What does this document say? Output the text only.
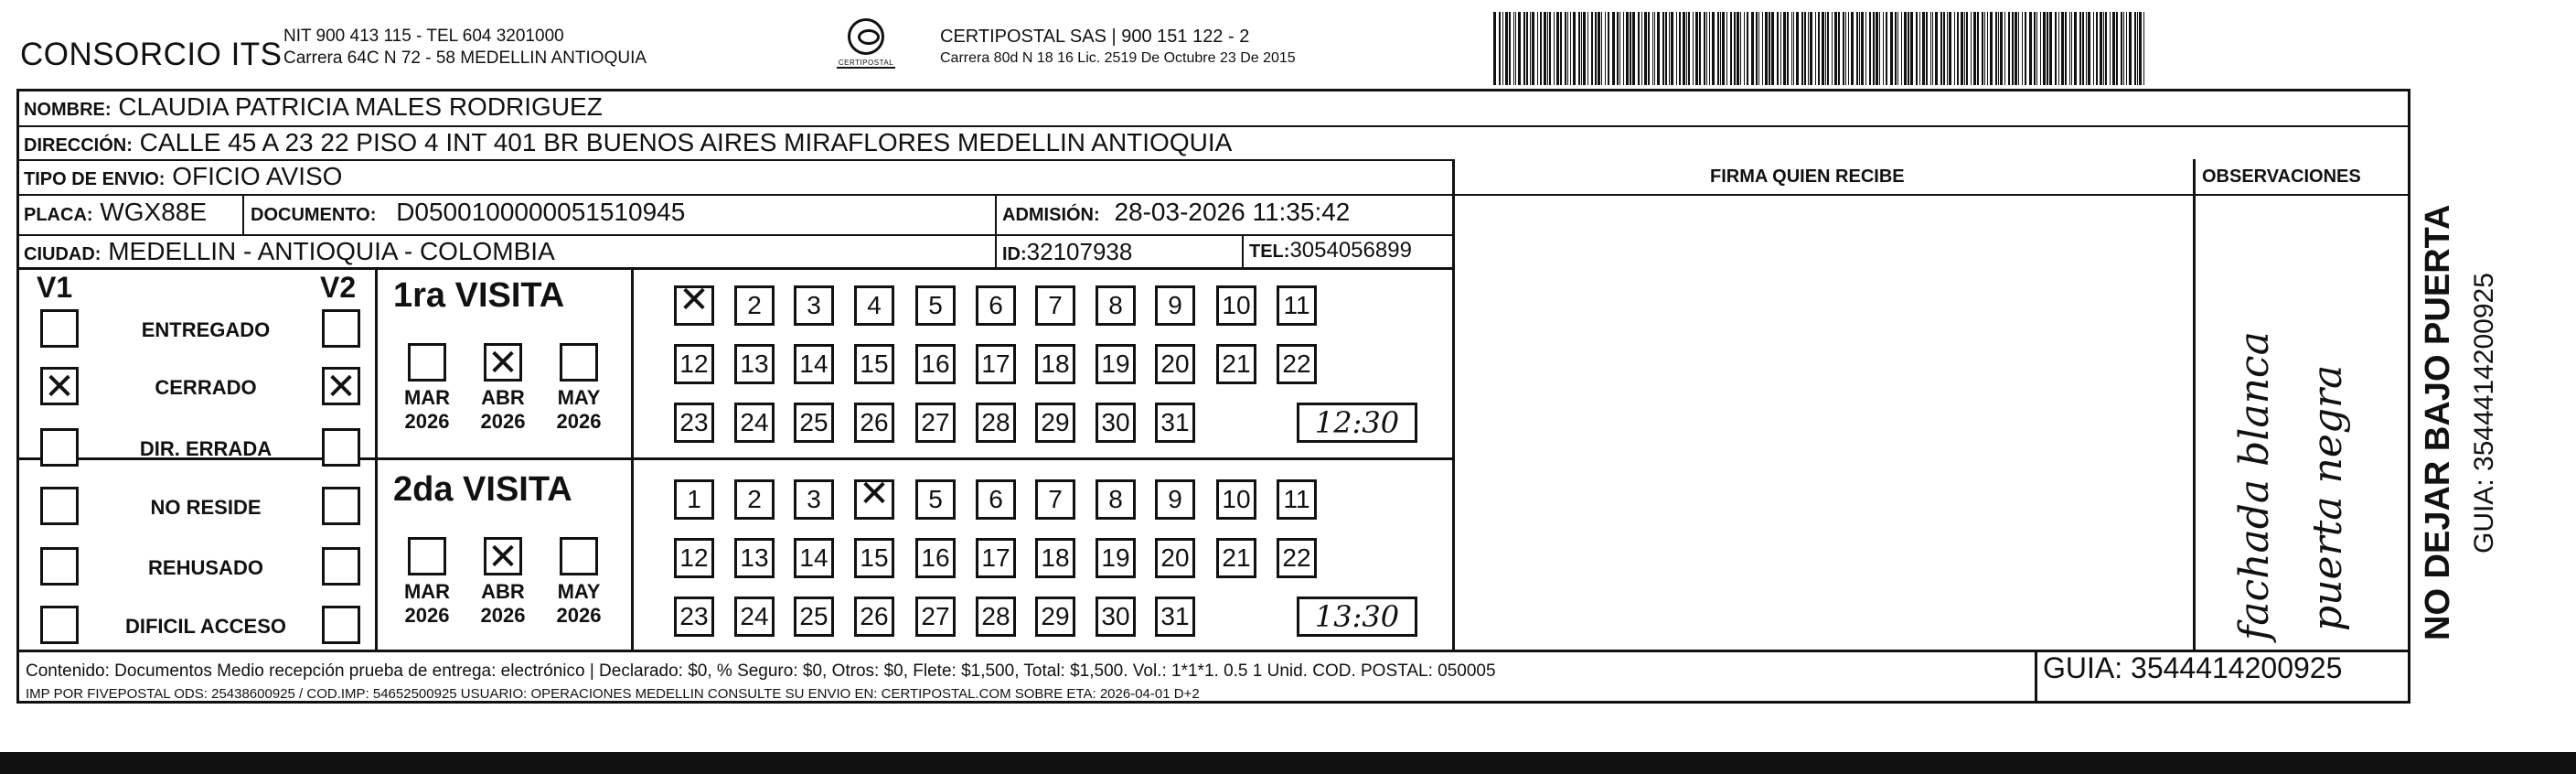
CONSORCIO ITS
NIT 900 413 115 - TEL 604 3201000
Carrera 64C N 72 - 58 MEDELLIN ANTIOQUIA	CERTIPOSTAL
CERTIPOSTAL SAS | 900 151 122 - 2
Carrera 80d N 18 16 Lic. 2519 De Octubre 23 De 2015
NOMBRE: CLAUDIA PATRICIA MALES RODRIGUEZ
DIRECCIÓN: CALLE 45 A 23 22 PISO 4 INT 401 BR BUENOS AIRES MIRAFLORES MEDELLIN ANTIOQUIA
TIPO DE ENVIO: OFICIO AVISO	FIRMA QUIEN RECIBE	OBSERVACIONES
PLACA: WGX88E DOCUMENTO: D0500100000051510945	ADMISIÓN: 28-03-2026 11:35:42
CIUDAD: MEDELLIN - ANTIOQUIA - COLOMBIA	ID:32107938	TEL:3054056899
V1	V2
ENTREGADO
✕
CERRADO
✕
DIR. ERRADA
NO RESIDE
REHUSADO
DIFICIL ACCESO
1ra VISITA
MAR
2026
✕
ABR
2026
MAY
2026
✕
2	3	4	5	6	7	8	9	10 11
12 13 14 15 16 17 18 19 20 21 22
23 24 25 26 27 28 29 30 31	12:30
2da VISITA
MAR
2026
✕
ABR
2026
MAY
2026
1	2	3
✕	5	6	7	8	9	10 11
12 13 14 15 16 17 18 19 20 21 22
23 24 25 26 27 28 29 30 31	13:30	fachada blanca puerta negra NO DEJAR BAJO PUERTA GUIA: 3544414200925
Contenido: Documentos Medio recepción prueba de entrega: electrónico | Declarado: $0, % Seguro: $0, Otros: $0, Flete: $1,500, Total: $1,500. Vol.: 1*1*1. 0.5 1 Unid. COD. POSTAL: 050005
IMP POR FIVEPOSTAL ODS: 25438600925 / COD.IMP: 54652500925 USUARIO: OPERACIONES MEDELLIN CONSULTE SU ENVIO EN: CERTIPOSTAL.COM SOBRE ETA: 2026-04-01 D+2
GUIA: 3544414200925
